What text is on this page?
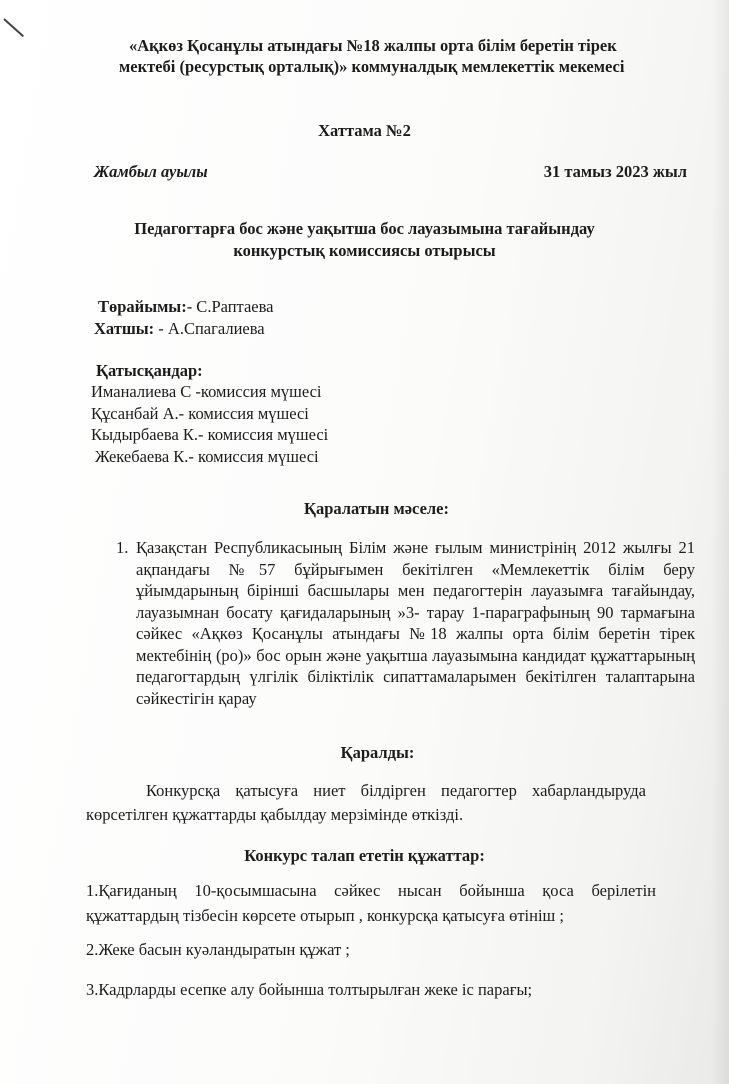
«Ақкөз Қосанұлы атындағы №18 жалпы орта білім беретін тірек
мектебі (ресурстық орталық)» коммуналдық мемлекеттік мекемесі
Хаттама №2
Жамбыл ауылы	31 тамыз 2023 жыл
Педагогтарға бос және уақытша бос лауазымына тағайындау
конкурстық комиссиясы отырысы
Төрайымы:- С.Раптаева
Хатшы: - А.Спагалиева
Қатысқандар:
Иманалиева С -комиссия мүшесі
Құсанбай А.- комиссия мүшесі
Кыдырбаева К.- комиссия мүшесі
Жекебаева К.- комиссия мүшесі
Қаралатын мәселе:
1. Қазақстан Республикасының Білім және ғылым министрінің 2012 жылғы 21 ақпандағы №57 бұйрығымен бекітілген «Мемлекеттік білім беру ұйымдарының бірінші басшылары мен педагогтерін лауазымға тағайындау, лауазымнан босату қағидаларының »3- тарау 1-параграфының 90 тармағына сәйкес «Ақкөз Қосанұлы атындағы №18 жалпы орта білім беретін тірек мектебінің (ро)» бос орын және уақытша лауазымына кандидат құжаттарының педагогтардың үлгілік біліктілік сипаттамаларымен бекітілген талаптарына сәйкестігін қарау
Қаралды:
Конкурсқа қатысуға ниет білдірген педагогтер хабарландыруда көрсетілген құжаттарды қабылдау мерзімінде өткізді.
Конкурс талап ететін құжаттар:
1.Қағиданың 10-қосымшасына сәйкес нысан бойынша қоса берілетін құжаттардың тізбесін көрсете отырып , конкурсқа қатысуға өтініш ;
2.Жеке басын куәландыратын құжат ;
3.Кадрларды есепке алу бойынша толтырылған жеке іс парағы;
